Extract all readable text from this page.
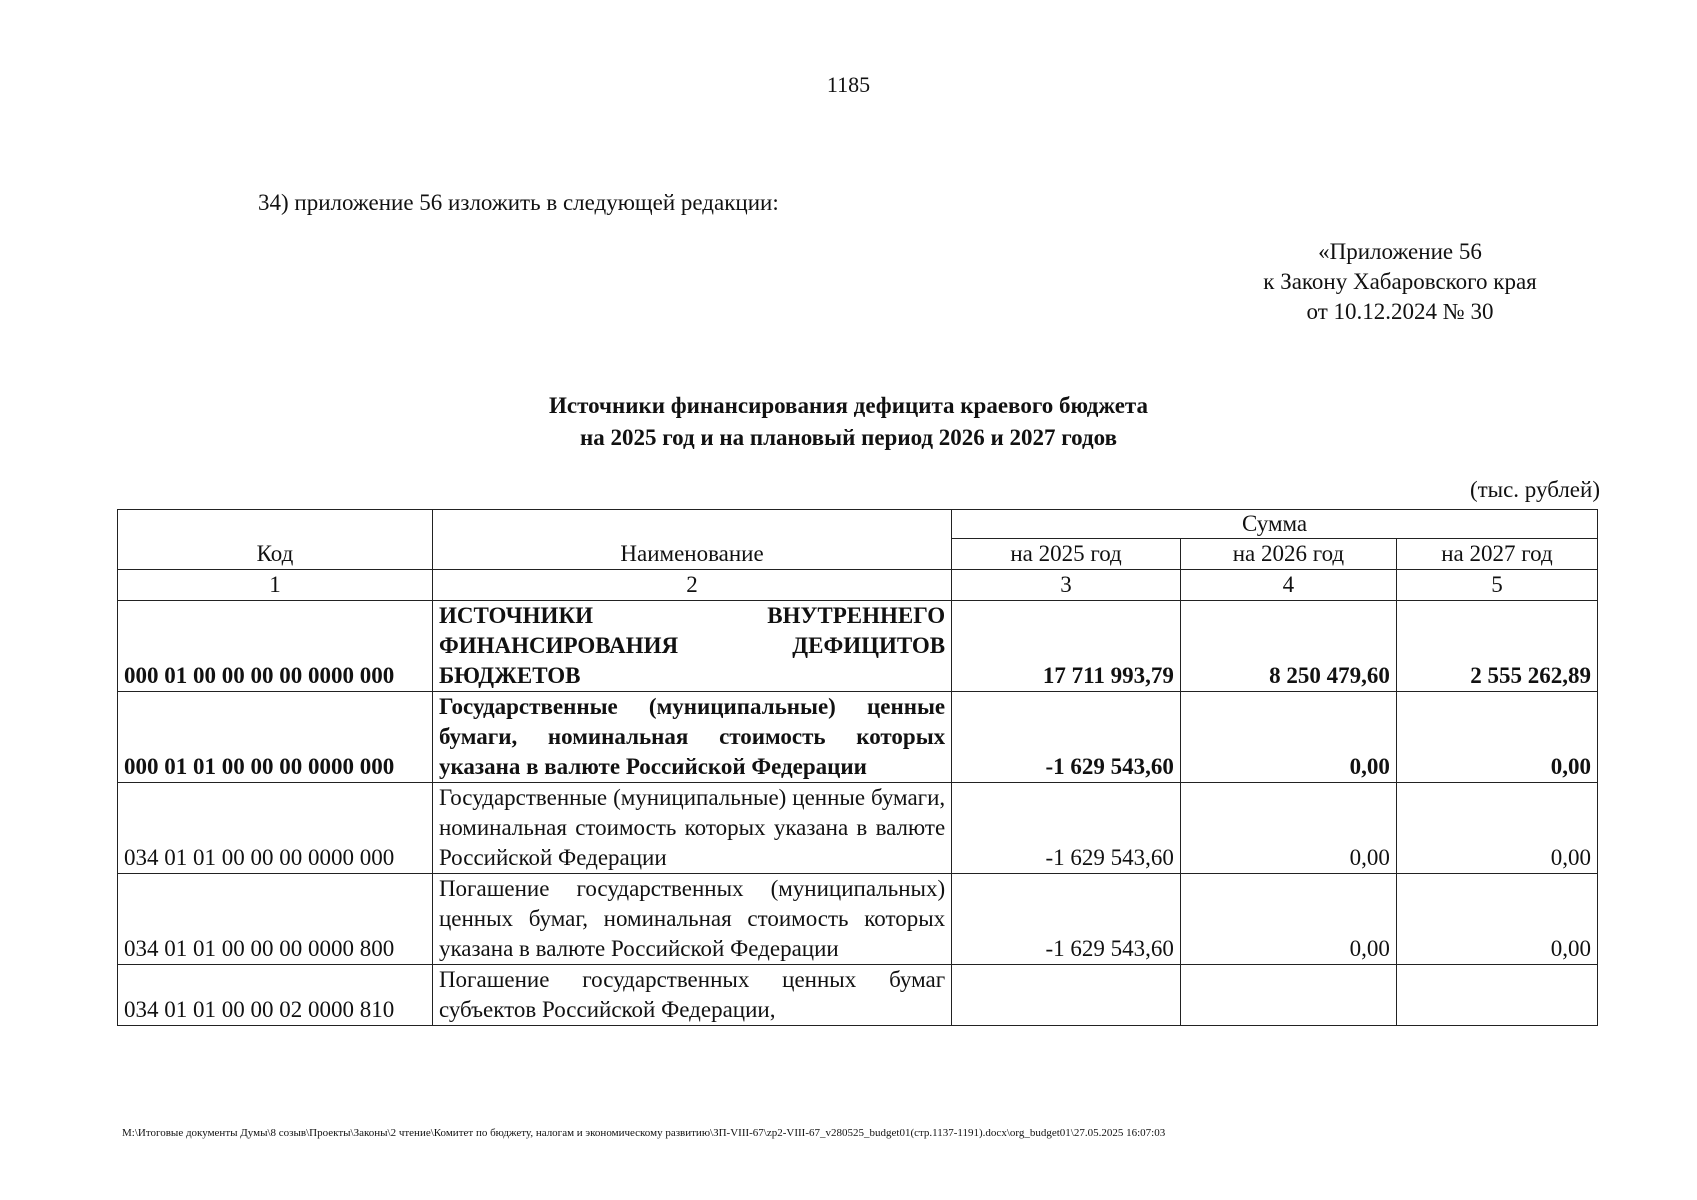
1185
34) приложение 56 изложить в следующей редакции:
«Приложение 56
к Закону Хабаровского края
от 10.12.2024 № 30
Источники финансирования дефицита краевого бюджета
на 2025 год и на плановый период 2026 и 2027 годов
(тыс. рублей)
Код	Наименование	Сумма		
		на 2025 год	на 2026 год	на 2027 год
1	2	3	4	5
000 01 00 00 00 00 0000 000	ИСТОЧНИКИ ВНУТРЕННЕГО ФИНАНСИРОВАНИЯ ДЕФИЦИТОВ БЮДЖЕТОВ	17 711 993,79	8 250 479,60	2 555 262,89
000 01 01 00 00 00 0000 000	Государственные (муниципальные) ценные бумаги, номинальная стоимость которых указана в валюте Российской Федерации	-1 629 543,60	0,00	0,00
034 01 01 00 00 00 0000 000	Государственные (муниципальные) ценные бумаги, номинальная стоимость которых указана в валюте Российской Федерации	-1 629 543,60	0,00	0,00
034 01 01 00 00 00 0000 800	Погашение государственных (муниципальных) ценных бумаг, номинальная стоимость которых указана в валюте Российской Федерации	-1 629 543,60	0,00	0,00
034 01 01 00 00 02 0000 810	Погашение государственных ценных бумаг субъектов Российской Федерации,			
M:\Итоговые документы Думы\8 созыв\Проекты\Законы\2 чтение\Комитет по бюджету, налогам и экономическому развитию\ЗП-VIII-67\zp2-VIII-67_v280525_budget01(стр.1137-1191).docx\org_budget01\27.05.2025 16:07:03
